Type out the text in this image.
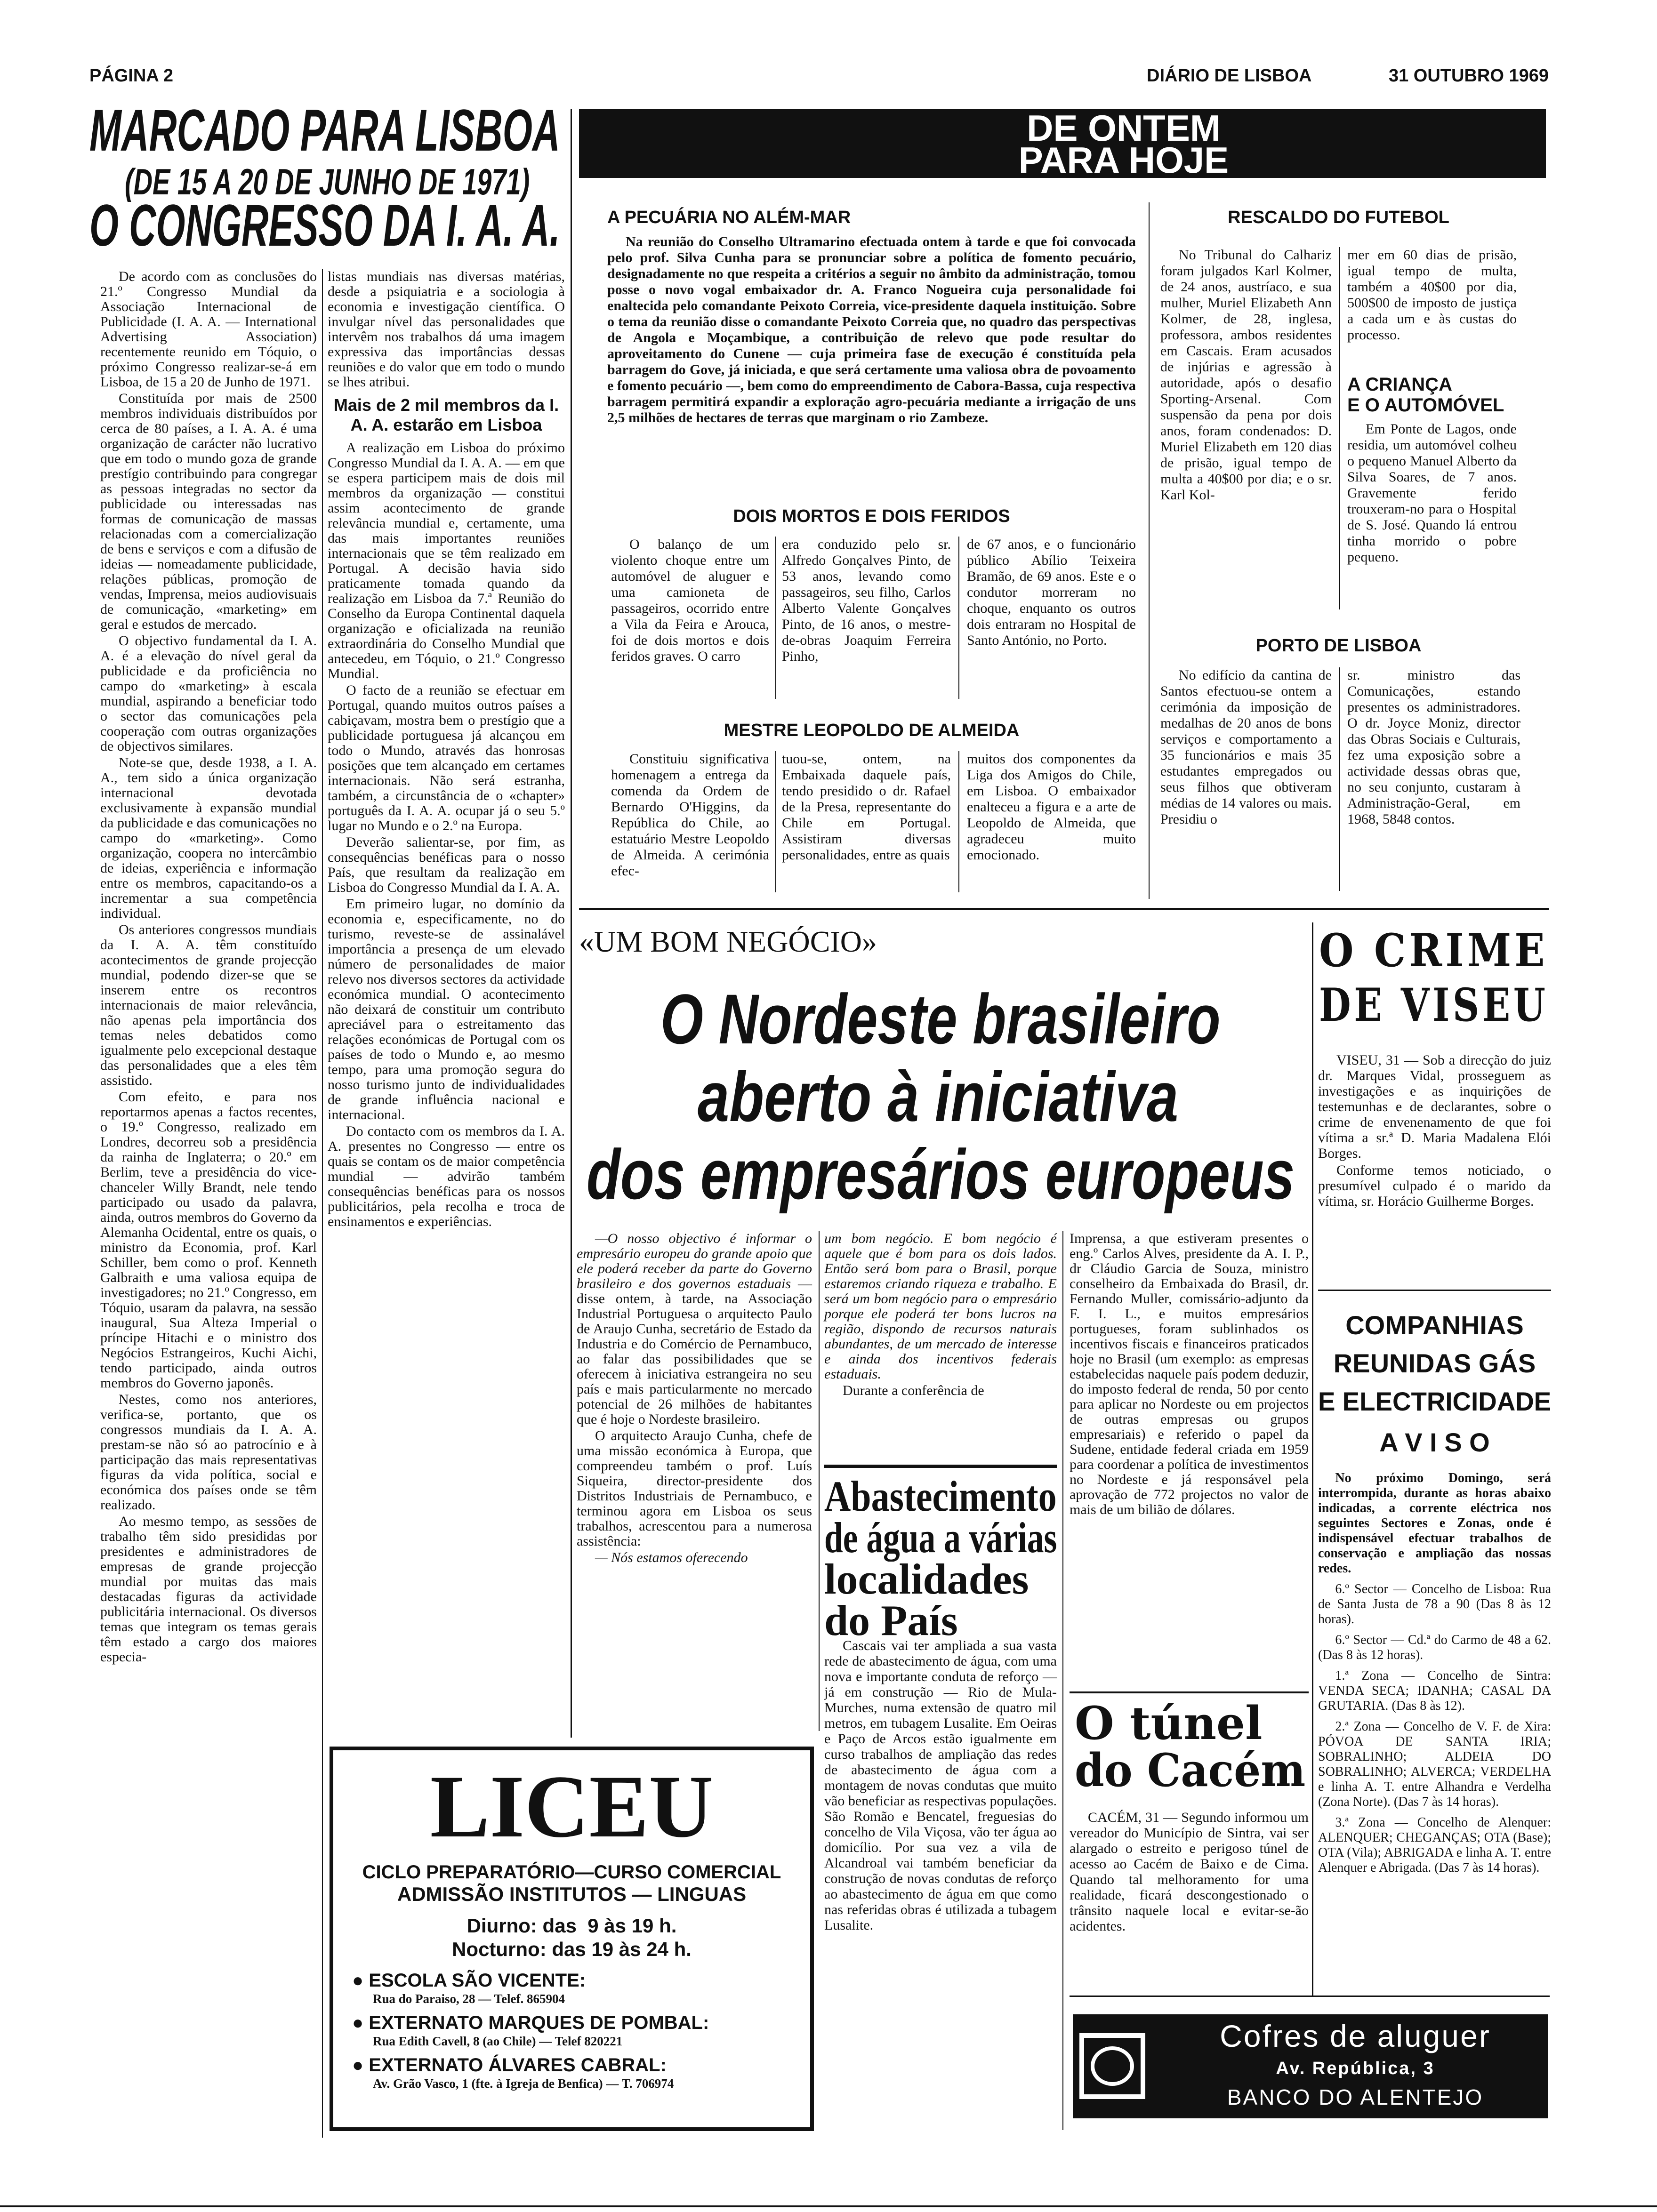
PÁGINA 2	DIÁRIO DE LISBOA	31 OUTUBRO 1969
MARCADO PARA LISBOA
(DE 15 A 20 DE JUNHO DE 1971)
O CONGRESSO DA I. A. A.

De acordo com as conclusões do 21.º Congresso Mundial da Associação Internacional de Publicidade (I. A. A. — International Advertising Association) recentemente reunido em Tóquio, o próximo Congresso realizar-se-á em Lisboa, de 15 a 20 de Junho de 1971.

Constituída por mais de 2500 membros individuais distribuídos por cerca de 80 países, a I. A. A. é uma organização de carácter não lucrativo que em todo o mundo goza de grande prestígio contribuindo para congregar as pessoas integradas no sector da publicidade ou interessadas nas formas de comunicação de massas relacionadas com a comercialização de bens e serviços e com a difusão de ideias — nomeadamente publicidade, relações públicas, promoção de vendas, Imprensa, meios audiovisuais de comunicação, «marketing» em geral e estudos de mercado.

O objectivo fundamental da I. A. A. é a elevação do nível geral da publicidade e da proficiência no campo do «marketing» à escala mundial, aspirando a beneficiar todo o sector das comunicações pela cooperação com outras organizações de objectivos similares.

Note-se que, desde 1938, a I. A. A., tem sido a única organização internacional devotada exclusivamente à expansão mundial da publicidade e das comunicações no campo do «marketing». Como organização, coopera no intercâmbio de ideias, experiência e informação entre os membros, capacitando-os a incrementar a sua competência individual.

Os anteriores congressos mundiais da I. A. A. têm constituído acontecimentos de grande projecção mundial, podendo dizer-se que se inserem entre os recontros internacionais de maior relevância, não apenas pela importância dos temas neles debatidos como igualmente pelo excepcional destaque das personalidades que a eles têm assistido.

Com efeito, e para nos reportarmos apenas a factos recentes, o 19.º Congresso, realizado em Londres, decorreu sob a presidência da rainha de Inglaterra; o 20.º em Berlim, teve a presidência do vice-chanceler Willy Brandt, nele tendo participado ou usado da palavra, ainda, outros membros do Governo da Alemanha Ocidental, entre os quais, o ministro da Economia, prof. Karl Schiller, bem como o prof. Kenneth Galbraith e uma valiosa equipa de investigadores; no 21.º Congresso, em Tóquio, usaram da palavra, na sessão inaugural, Sua Alteza Imperial o príncipe Hitachi e o ministro dos Negócios Estrangeiros, Kuchi Aichi, tendo participado, ainda outros membros do Governo japonês.

Nestes, como nos anteriores, verifica-se, portanto, que os congressos mundiais da I. A. A. prestam-se não só ao patrocínio e à participação das mais representativas figuras da vida política, social e económica dos países onde se têm realizado.

Ao mesmo tempo, as sessões de trabalho têm sido presididas por presidentes e administradores de empresas de grande projecção mundial por muitas das mais destacadas figuras da actividade publicitária internacional. Os diversos temas que integram os temas gerais têm estado a cargo dos maiores especia-

listas mundiais nas diversas matérias, desde a psiquiatria e a sociologia à economia e investigação científica. O invulgar nível das personalidades que intervêm nos trabalhos dá uma imagem expressiva das importâncias dessas reuniões e do valor que em todo o mundo se lhes atribui.

Mais de 2 mil membros da I. A. A. estarão em Lisboa

A realização em Lisboa do próximo Congresso Mundial da I. A. A. — em que se espera participem mais de dois mil membros da organização — constitui assim acontecimento de grande relevância mundial e, certamente, uma das mais importantes reuniões internacionais que se têm realizado em Portugal. A decisão havia sido praticamente tomada quando da realização em Lisboa da 7.ª Reunião do Conselho da Europa Continental daquela organização e oficializada na reunião extraordinária do Conselho Mundial que antecedeu, em Tóquio, o 21.º Congresso Mundial.

O facto de a reunião se efectuar em Portugal, quando muitos outros países a cabiçavam, mostra bem o prestígio que a publicidade portuguesa já alcançou em todo o Mundo, através das honrosas posições que tem alcançado em certames internacionais. Não será estranha, também, a circunstância de o «chapter» português da I. A. A. ocupar já o seu 5.º lugar no Mundo e o 2.º na Europa.

Deverão salientar-se, por fim, as consequências benéficas para o nosso País, que resultam da realização em Lisboa do Congresso Mundial da I. A. A.

Em primeiro lugar, no domínio da economia e, especificamente, no do turismo, reveste-se de assinalável importância a presença de um elevado número de personalidades de maior relevo nos diversos sectores da actividade económica mundial. O acontecimento não deixará de constituir um contributo apreciável para o estreitamento das relações económicas de Portugal com os países de todo o Mundo e, ao mesmo tempo, para uma promoção segura do nosso turismo junto de individualidades de grande influência nacional e internacional.

Do contacto com os membros da I. A. A. presentes no Congresso — entre os quais se contam os de maior competência mundial — advirão também consequências benéficas para os nossos publicitários, pela recolha e troca de ensinamentos e experiências.

LICEU
CICLO PREPARATÓRIO—CURSO COMERCIAL
ADMISSÃO INSTITUTOS — LINGUAS
Diurno: das  9 às 19 h.
Nocturno: das 19 às 24 h.
● ESCOLA SÃO VICENTE:
Rua do Paraiso, 28 — Telef. 865904
● EXTERNATO MARQUES DE POMBAL:
Rua Edith Cavell, 8 (ao Chile) — Telef 820221
● EXTERNATO ÁLVARES CABRAL:
Av. Grão Vasco, 1 (fte. à Igreja de Benfica) — T. 706974
DE ONTEM
PARA HOJE
A PECUÁRIA NO ALÉM-MAR

Na reunião do Conselho Ultramarino efectuada ontem à tarde e que foi convocada pelo prof. Silva Cunha para se pronunciar sobre a política de fomento pecuário, designadamente no que respeita a critérios a seguir no âmbito da administração, tomou posse o novo vogal embaixador dr. A. Franco Nogueira cuja personalidade foi enaltecida pelo comandante Peixoto Correia, vice-presidente daquela instituição. Sobre o tema da reunião disse o comandante Peixoto Correia que, no quadro das perspectivas de Angola e Moçambique, a contribuição de relevo que pode resultar do aproveitamento do Cunene — cuja primeira fase de execução é constituída pela barragem do Gove, já iniciada, e que será certamente uma valiosa obra de povoamento e fomento pecuário —, bem como do empreendimento de Cabora-Bassa, cuja respectiva barragem permitirá expandir a exploração agro-pecuária mediante a irrigação de uns 2,5 milhões de hectares de terras que marginam o rio Zambeze.

DOIS MORTOS E DOIS FERIDOS

O balanço de um violento choque entre um automóvel de aluguer e uma camioneta de passageiros, ocorrido entre a Vila da Feira e Arouca, foi de dois mortos e dois feridos graves. O carro

era conduzido pelo sr. Alfredo Gonçalves Pinto, de 53 anos, levando como passageiros, seu filho, Carlos Alberto Valente Gonçalves Pinto, de 16 anos, o mestre-de-obras Joaquim Ferreira Pinho,

de 67 anos, e o funcionário público Abílio Teixeira Bramão, de 69 anos. Este e o condutor morreram no choque, enquanto os outros dois entraram no Hospital de Santo António, no Porto.

MESTRE LEOPOLDO DE ALMEIDA

Constituiu significativa homenagem a entrega da comenda da Ordem de Bernardo O'Higgins, da República do Chile, ao estatuário Mestre Leopoldo de Almeida. A cerimónia efec-

tuou-se, ontem, na Embaixada daquele país, tendo presidido o dr. Rafael de la Presa, representante do Chile em Portugal. Assistiram diversas personalidades, entre as quais

muitos dos componentes da Liga dos Amigos do Chile, em Lisboa. O embaixador enalteceu a figura e a arte de Leopoldo de Almeida, que agradeceu muito emocionado.

RESCALDO DO FUTEBOL

No Tribunal do Calhariz foram julgados Karl Kolmer, de 24 anos, austríaco, e sua mulher, Muriel Elizabeth Ann Kolmer, de 28, inglesa, professora, ambos residentes em Cascais. Eram acusados de injúrias e agressão à autoridade, após o desafio Sporting-Arsenal. Com suspensão da pena por dois anos, foram condenados: D. Muriel Elizabeth em 120 dias de prisão, igual tempo de multa a 40$00 por dia; e o sr. Karl Kol-

mer em 60 dias de prisão, igual tempo de multa, também a 40$00 por dia, 500$00 de imposto de justiça a cada um e às custas do processo.

A CRIANÇA
E O AUTOMÓVEL

Em Ponte de Lagos, onde residia, um automóvel colheu o pequeno Manuel Alberto da Silva Soares, de 7 anos. Gravemente ferido trouxeram-no para o Hospital de S. José. Quando lá entrou tinha morrido o pobre pequeno.

PORTO DE LISBOA

No edifício da cantina de Santos efectuou-se ontem a cerimónia da imposição de medalhas de 20 anos de bons serviços e comportamento a 35 funcionários e mais 35 estudantes empregados ou seus filhos que obtiveram médias de 14 valores ou mais. Presidiu o

sr. ministro das Comunicações, estando presentes os administradores. O dr. Joyce Moniz, director das Obras Sociais e Culturais, fez uma exposição sobre a actividade dessas obras que, no seu conjunto, custaram à Administração-Geral, em 1968, 5848 contos.

«UM BOM NEGÓCIO»
O Nordeste brasileiro
aberto à iniciativa
dos empresários europeus

—O nosso objectivo é informar o empresário europeu do grande apoio que ele poderá receber da parte do Governo brasileiro e dos governos estaduais — disse ontem, à tarde, na Associação Industrial Portuguesa o arquitecto Paulo de Araujo Cunha, secretário de Estado da Industria e do Comércio de Pernambuco, ao falar das possibilidades que se oferecem à iniciativa estrangeira no seu país e mais particularmente no mercado potencial de 26 milhões de habitantes que é hoje o Nordeste brasileiro.

O arquitecto Araujo Cunha, chefe de uma missão económica à Europa, que compreendeu também o prof. Luís Siqueira, director-presidente dos Distritos Industriais de Pernambuco, e terminou agora em Lisboa os seus trabalhos, acrescentou para a numerosa assistência:

— Nós estamos oferecendo

um bom negócio. E bom negócio é aquele que é bom para os dois lados. Então será bom para o Brasil, porque estaremos criando riqueza e trabalho. E será um bom negócio para o empresário porque ele poderá ter bons lucros na região, dispondo de recursos naturais abundantes, de um mercado de interesse e ainda dos incentivos federais estaduais.

Durante a conferência de

Abastecimento
de água a várias
localidades
do País

Cascais vai ter ampliada a sua vasta rede de abastecimento de água, com uma nova e importante conduta de reforço — já em construção — Rio de Mula-Murches, numa extensão de quatro mil metros, em tubagem Lusalite. Em Oeiras e Paço de Arcos estão igualmente em curso trabalhos de ampliação das redes de abastecimento de água com a montagem de novas condutas que muito vão beneficiar as respectivas populações. São Romão e Bencatel, freguesias do concelho de Vila Viçosa, vão ter água ao domicílio. Por sua vez a vila de Alcandroal vai também beneficiar da construção de novas condutas de reforço ao abastecimento de água em que como nas referidas obras é utilizada a tubagem Lusalite.

Imprensa, a que estiveram presentes o eng.º Carlos Alves, presidente da A. I. P., dr Cláudio Garcia de Souza, ministro conselheiro da Embaixada do Brasil, dr. Fernando Muller, comissário-adjunto da F. I. L., e muitos empresários portugueses, foram sublinhados os incentivos fiscais e financeiros praticados hoje no Brasil (um exemplo: as empresas estabelecidas naquele país podem deduzir, do imposto federal de renda, 50 por cento para aplicar no Nordeste ou em projectos de outras empresas ou grupos empresariais) e referido o papel da Sudene, entidade federal criada em 1959 para coordenar a política de investimentos no Nordeste e já responsável pela aprovação de 772 projectos no valor de mais de um bilião de dólares.

O túnel
do Cacém

CACÉM, 31 — Segundo informou um vereador do Município de Sintra, vai ser alargado o estreito e perigoso túnel de acesso ao Cacém de Baixo e de Cima. Quando tal melhoramento for uma realidade, ficará descongestionado o trânsito naquele local e evitar-se-ão acidentes.

O CRIME
DE VISEU

VISEU, 31 — Sob a direcção do juiz dr. Marques Vidal, prosseguem as investigações e as inquirições de testemunhas e de declarantes, sobre o crime de envenenamento de que foi vítima a sr.ª D. Maria Madalena Elói Borges.

Conforme temos noticiado, o presumível culpado é o marido da vítima, sr. Horácio Guilherme Borges.

COMPANHIAS
REUNIDAS GÁS
E ELECTRICIDADE
A V I S O

No próximo Domingo, será interrompida, durante as horas abaixo indicadas, a corrente eléctrica nos seguintes Sectores e Zonas, onde é indispensável efectuar trabalhos de conservação e ampliação das nossas redes.

6.º Sector — Concelho de Lisboa: Rua de Santa Justa de 78 a 90 (Das 8 às 12 horas).

6.º Sector — Cd.ª do Carmo de 48 a 62. (Das 8 às 12 horas).

1.ª Zona — Concelho de Sintra: VENDA SECA; IDANHA; CASAL DA GRUTARIA. (Das 8 às 12).

2.ª Zona — Concelho de V. F. de Xira: PÓVOA DE SANTA IRIA; SOBRALINHO; ALDEIA DO SOBRALINHO; ALVERCA; VERDELHA e linha A. T. entre Alhandra e Verdelha (Zona Norte). (Das 7 às 14 horas).

3.ª Zona — Concelho de Alenquer: ALENQUER; CHEGANÇAS; OTA (Base); OTA (Vila); ABRIGADA e linha A. T. entre Alenquer e Abrigada. (Das 7 às 14 horas).

Cofres de aluguer
Av. República, 3
BANCO DO ALENTEJO
